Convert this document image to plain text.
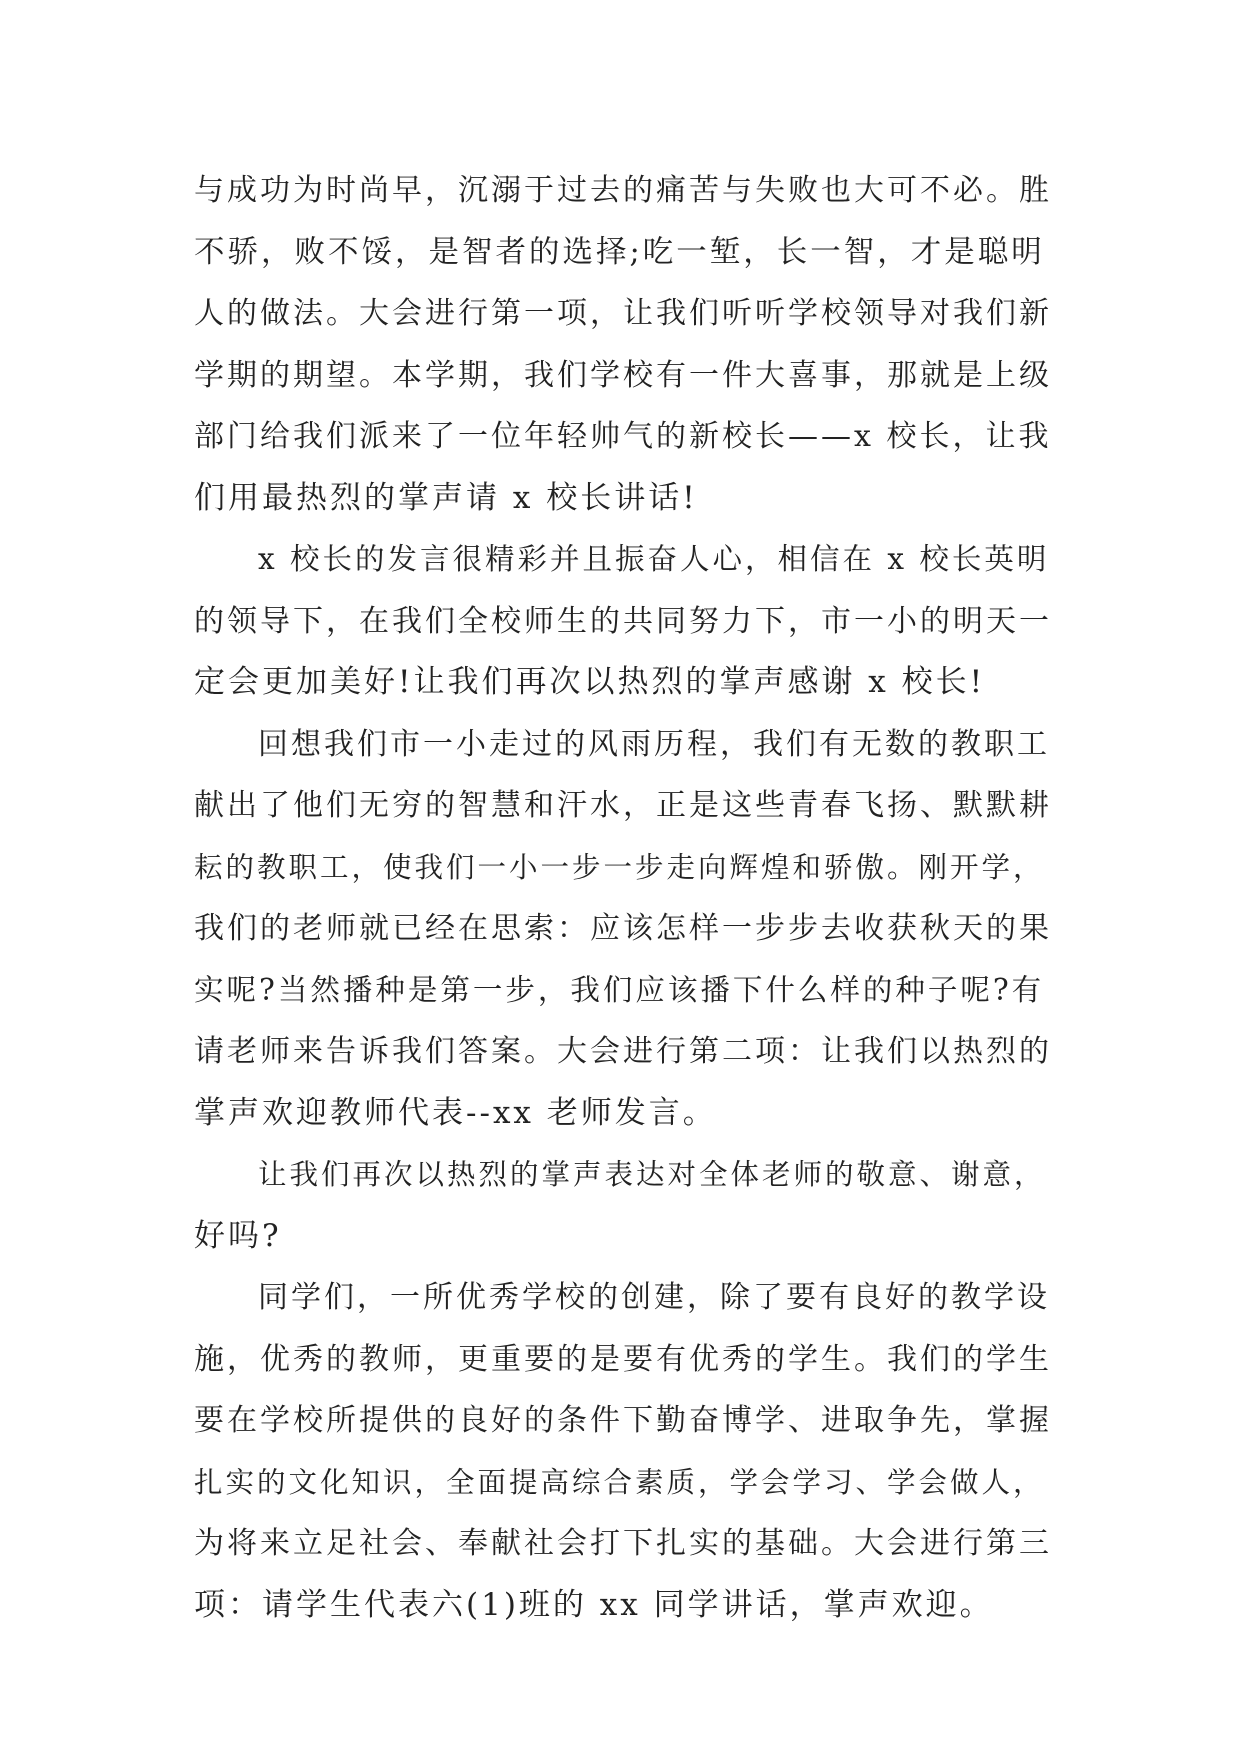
与成功为时尚早，沉溺于过去的痛苦与失败也大可不必。胜
不骄，败不馁，是智者的选择;吃一堑，长一智，才是聪明
人的做法。大会进行第一项，让我们听听学校领导对我们新
学期的期望。本学期，我们学校有一件大喜事，那就是上级
部门给我们派来了一位年轻帅气的新校长——x 校长，让我
们用最热烈的掌声请 x 校长讲话!
x 校长的发言很精彩并且振奋人心，相信在 x 校长英明
的领导下，在我们全校师生的共同努力下，市一小的明天一
定会更加美好!让我们再次以热烈的掌声感谢 x 校长!
回想我们市一小走过的风雨历程，我们有无数的教职工
献出了他们无穷的智慧和汗水，正是这些青春飞扬、默默耕
耘的教职工，使我们一小一步一步走向辉煌和骄傲。刚开学，
我们的老师就已经在思索：应该怎样一步步去收获秋天的果
实呢?当然播种是第一步，我们应该播下什么样的种子呢?有
请老师来告诉我们答案。大会进行第二项：让我们以热烈的
掌声欢迎教师代表--xx 老师发言。
让我们再次以热烈的掌声表达对全体老师的敬意、谢意，
好吗?
同学们，一所优秀学校的创建，除了要有良好的教学设
施，优秀的教师，更重要的是要有优秀的学生。我们的学生
要在学校所提供的良好的条件下勤奋博学、进取争先，掌握
扎实的文化知识，全面提高综合素质，学会学习、学会做人，
为将来立足社会、奉献社会打下扎实的基础。大会进行第三
项：请学生代表六(1)班的 xx 同学讲话，掌声欢迎。
